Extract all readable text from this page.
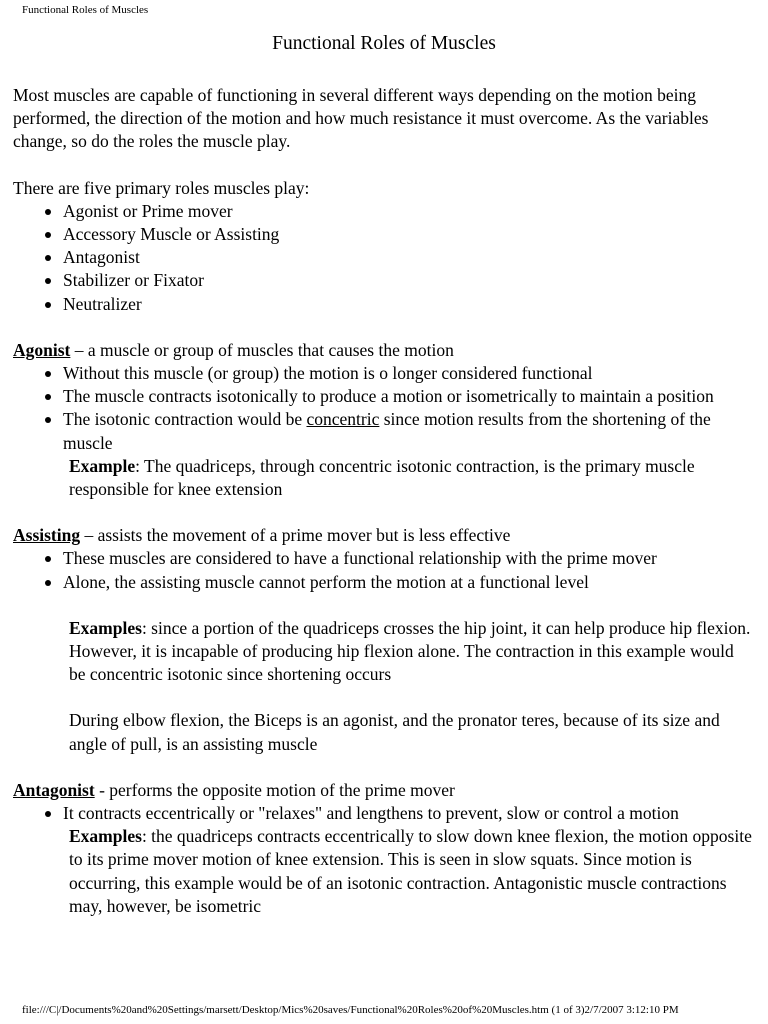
Functional Roles of Muscles
Functional Roles of Muscles

Most muscles are capable of functioning in several different ways depending on the motion being performed, the direction of the motion and how much resistance it must overcome. As the variables change, so do the roles the muscle play.

There are five primary roles muscles play:

Agonist or Prime mover
Accessory Muscle or Assisting
Antagonist
Stabilizer or Fixator
Neutralizer

Agonist – a muscle or group of muscles that causes the motion

Without this muscle (or group) the motion is o longer considered functional
The muscle contracts isotonically to produce a motion or isometrically to maintain a position
The isotonic contraction would be concentric since motion results from the shortening of the muscle

Example: The quadriceps, through concentric isotonic contraction, is the primary muscle responsible for knee extension

Assisting – assists the movement of a prime mover but is less effective

These muscles are considered to have a functional relationship with the prime mover
Alone, the assisting muscle cannot perform the motion at a functional level

Examples: since a portion of the quadriceps crosses the hip joint, it can help produce hip flexion. However, it is incapable of producing hip flexion alone. The contraction in this example would be concentric isotonic since shortening occurs

During elbow flexion, the Biceps is an agonist, and the pronator teres, because of its size and angle of pull, is an assisting muscle

Antagonist - performs the opposite motion of the prime mover

It contracts eccentrically or "relaxes" and lengthens to prevent, slow or control a motion

Examples: the quadriceps contracts eccentrically to slow down knee flexion, the motion opposite to its prime mover motion of knee extension. This is seen in slow squats. Since motion is occurring, this example would be of an isotonic contraction. Antagonistic muscle contractions may, however, be isometric

file:///C|/Documents%20and%20Settings/marsett/Desktop/Mics%20saves/Functional%20Roles%20of%20Muscles.htm (1 of 3)2/7/2007 3:12:10 PM
